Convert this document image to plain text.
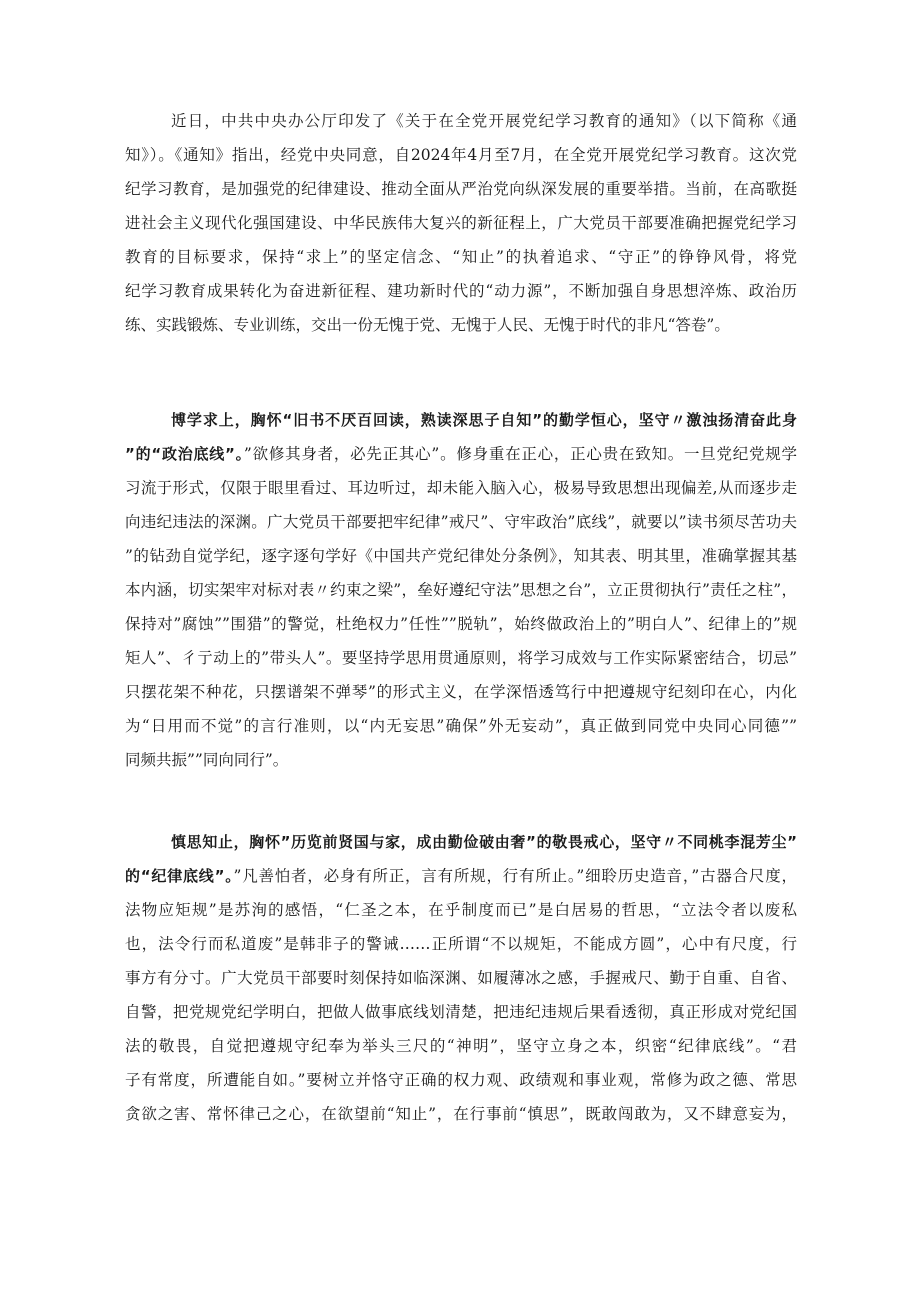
近日，中共中央办公厅印发了《关于在全党开展党纪学习教育的通知》（以下简称《通
知》）。《通知》指出，经党中央同意，自2024年4月至7月，在全党开展党纪学习教育。这次党
纪学习教育，是加强党的纪律建设、推动全面从严治党向纵深发展的重要举措。当前，在高歌挺
进社会主义现代化强国建设、中华民族伟大复兴的新征程上，广大党员干部要准确把握党纪学习
教育的目标要求，保持“求上”的坚定信念、“知止”的执着追求、“守正”的铮铮风骨，将党
纪学习教育成果转化为奋进新征程、建功新时代的“动力源”，不断加强自身思想淬炼、政治历
练、实践锻炼、专业训练，交出一份无愧于党、无愧于人民、无愧于时代的非凡“答卷”。
博学求上，胸怀“旧书不厌百回读，熟读深思子自知”的勤学恒心，坚守〃激浊扬清奋此身
”的“政治底线”。”欲修其身者，必先正其心”。修身重在正心，正心贵在致知。一旦党纪党规学
习流于形式，仅限于眼里看过、耳边听过，却未能入脑入心，极易导致思想出现偏差,从而逐步走
向违纪违法的深渊。广大党员干部要把牢纪律”戒尺”、守牢政治”底线”，就要以”读书须尽苦功夫
”的钻劲自觉学纪，逐字逐句学好《中国共产党纪律处分条例》，知其表、明其里，准确掌握其基
本内涵，切实架牢对标对表〃约束之梁”，垒好遵纪守法”思想之台”，立正贯彻执行”责任之柱”，
保持对”腐蚀””围猎”的警觉，杜绝权力”任性””脱轨”，始终做政治上的”明白人”、纪律上的”规
矩人”、彳亍动上的”带头人”。要坚持学思用贯通原则，将学习成效与工作实际紧密结合，切忌”
只摆花架不种花，只摆谱架不弹琴”的形式主义，在学深悟透笃行中把遵规守纪刻印在心，内化
为“日用而不觉”的言行准则，以“内无妄思”确保”外无妄动”，真正做到同党中央同心同德””
同频共振””同向同行”。
慎思知止，胸怀”历览前贤国与家，成由勤俭破由奢”的敬畏戒心，坚守〃不同桃李混芳尘”
的“纪律底线”。”凡善怕者，必身有所正，言有所规，行有所止。”细聆历史造音，”古器合尺度，
法物应矩规”是苏洵的感悟，“仁圣之本，在乎制度而已”是白居易的哲思，“立法令者以废私
也，法令行而私道废”是韩非子的警诫……正所谓“不以规矩，不能成方圆”，心中有尺度，行
事方有分寸。广大党员干部要时刻保持如临深渊、如履薄冰之感，手握戒尺、勤于自重、自省、
自警，把党规党纪学明白，把做人做事底线划清楚，把违纪违规后果看透彻，真正形成对党纪国
法的敬畏，自觉把遵规守纪奉为举头三尺的“神明”，坚守立身之本，织密“纪律底线”。“君
子有常度，所遭能自如。”要树立并恪守正确的权力观、政绩观和事业观，常修为政之德、常思
贪欲之害、常怀律己之心，在欲望前“知止”，在行事前“慎思”，既敢闯敢为，又不肆意妄为，
